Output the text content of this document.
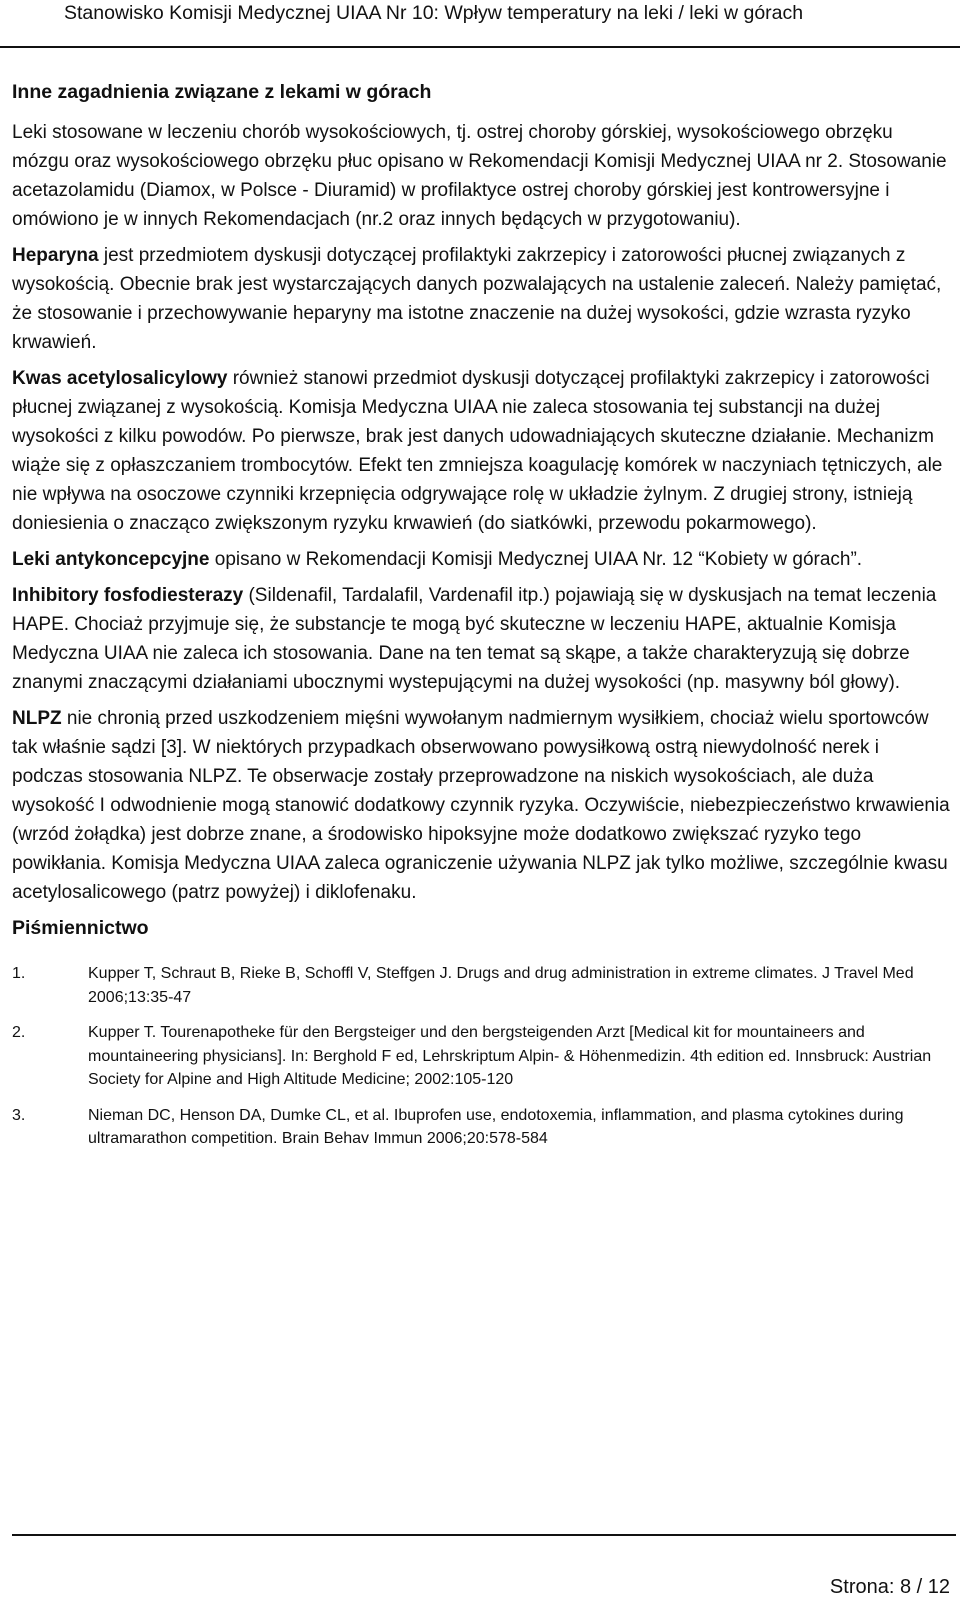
Stanowisko Komisji Medycznej UIAA Nr 10: Wpływ temperatury na leki / leki w górach
Inne zagadnienia związane z lekami w górach

Leki stosowane w leczeniu chorób wysokościowych, tj. ostrej choroby górskiej, wysokościowego obrzęku mózgu oraz wysokościowego obrzęku płuc opisano w Rekomendacji Komisji Medycznej UIAA nr 2. Stosowanie acetazolamidu (Diamox, w Polsce - Diuramid) w profilaktyce ostrej choroby górskiej jest kontrowersyjne i omówiono je w innych Rekomendacjach (nr.2 oraz innych będących w przygotowaniu).

Heparyna jest przedmiotem dyskusji dotyczącej profilaktyki zakrzepicy i zatorowości płucnej związanych z wysokością. Obecnie brak jest wystarczających danych pozwalających na ustalenie zaleceń. Należy pamiętać, że stosowanie i przechowywanie heparyny ma istotne znaczenie na dużej wysokości, gdzie wzrasta ryzyko krwawień.

Kwas acetylosalicylowy również stanowi przedmiot dyskusji dotyczącej profilaktyki zakrzepicy i zatorowości płucnej związanej z wysokością. Komisja Medyczna UIAA nie zaleca stosowania tej substancji na dużej wysokości z kilku powodów. Po pierwsze, brak jest danych udowadniających skuteczne działanie. Mechanizm wiąże się z opłaszczaniem trombocytów. Efekt ten zmniejsza koagulację komórek w naczyniach tętniczych, ale nie wpływa na osoczowe czynniki krzepnięcia odgrywające rolę w układzie żylnym. Z drugiej strony, istnieją doniesienia o znacząco zwiększonym ryzyku krwawień (do siatkówki, przewodu pokarmowego).

Leki antykoncepcyjne opisano w Rekomendacji Komisji Medycznej UIAA Nr. 12 “Kobiety w górach”.

Inhibitory fosfodiesterazy (Sildenafil, Tardalafil, Vardenafil itp.) pojawiają się w dyskusjach na temat leczenia HAPE. Chociaż przyjmuje się, że substancje te mogą być skuteczne w leczeniu HAPE, aktualnie Komisja Medyczna UIAA nie zaleca ich stosowania. Dane na ten temat są skąpe, a także charakteryzują się dobrze znanymi znaczącymi działaniami ubocznymi wystepującymi na dużej wysokości (np. masywny ból głowy).

NLPZ nie chronią przed uszkodzeniem mięśni wywołanym nadmiernym wysiłkiem, chociaż wielu sportowców tak właśnie sądzi [3]. W niektórych przypadkach obserwowano powysiłkową ostrą niewydolność nerek i podczas stosowania NLPZ. Te obserwacje zostały przeprowadzone na niskich wysokościach, ale duża wysokość I odwodnienie mogą stanowić dodatkowy czynnik ryzyka. Oczywiście, niebezpieczeństwo krwawienia (wrzód żołądka) jest dobrze znane, a środowisko hipoksyjne może dodatkowo zwiększać ryzyko tego powikłania. Komisja Medyczna UIAA zaleca ograniczenie używania NLPZ jak tylko możliwe, szczególnie kwasu acetylosalicowego (patrz powyżej) i diklofenaku.

Piśmiennictwo
1.	Kupper T, Schraut B, Rieke B, Schoffl V, Steffgen J. Drugs and drug administration in extreme climates. J Travel Med 2006;13:35-47
2.	Kupper T. Tourenapotheke für den Bergsteiger und den bergsteigenden Arzt [Medical kit for mountaineers and mountaineering physicians]. In: Berghold F ed, Lehrskriptum Alpin- & Höhenmedizin. 4th edition ed. Innsbruck: Austrian Society for Alpine and High Altitude Medicine; 2002:105-120
3.	Nieman DC, Henson DA, Dumke CL, et al. Ibuprofen use, endotoxemia, inflammation, and plasma cytokines during ultramarathon competition. Brain Behav Immun 2006;20:578-584
Strona: 8 / 12
